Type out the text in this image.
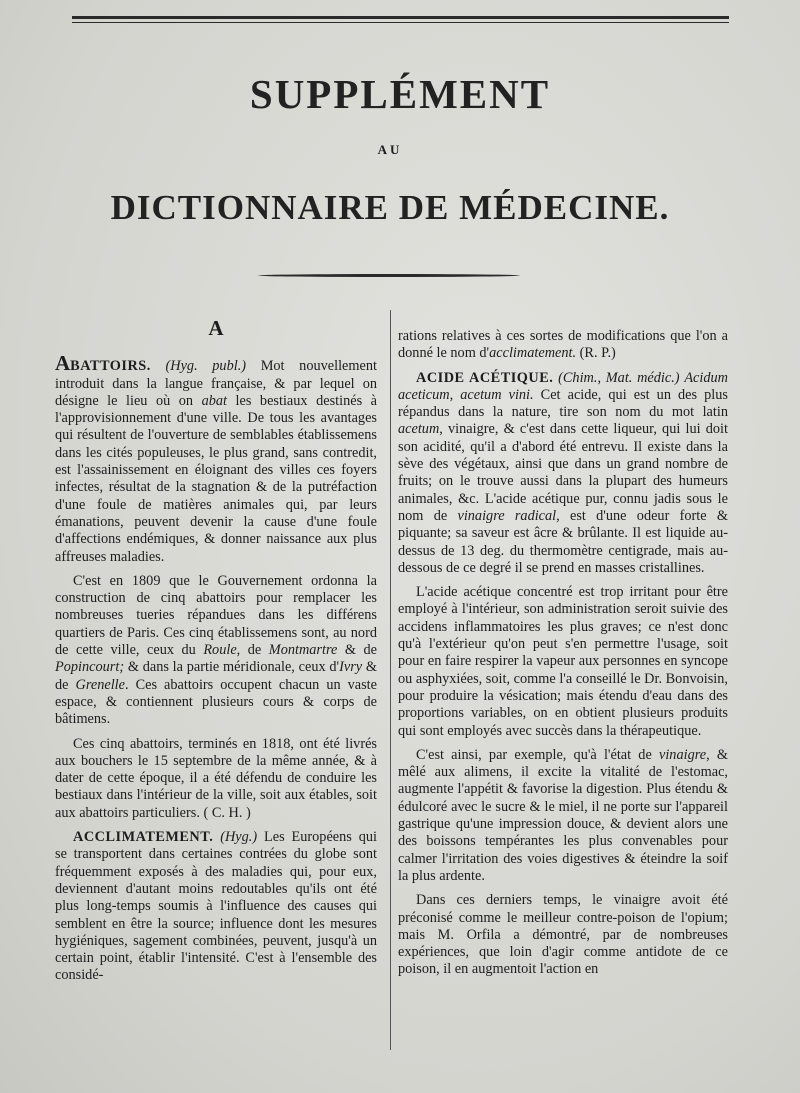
SUPPLÉMENT
AU
DICTIONNAIRE DE MÉDECINE.
A

ABATTOIRS. (Hyg. publ.) Mot nouvellement introduit dans la langue française, & par lequel on désigne le lieu où on abat les bestiaux destinés à l'approvisionnement d'une ville. De tous les avantages qui résultent de l'ouverture de semblables établissemens dans les cités populeuses, le plus grand, sans contredit, est l'assainissement en éloignant des villes ces foyers infectes, résultat de la stagnation & de la putréfaction d'une foule de matières animales qui, par leurs émanations, peuvent devenir la cause d'une foule d'affections endémiques, & donner naissance aux plus affreuses maladies.

C'est en 1809 que le Gouvernement ordonna la construction de cinq abattoirs pour remplacer les nombreuses tueries répandues dans les différens quartiers de Paris. Ces cinq établissemens sont, au nord de cette ville, ceux du Roule, de Montmartre & de Popincourt; & dans la partie méridionale, ceux d'Ivry & de Grenelle. Ces abattoirs occupent chacun un vaste espace, & contiennent plusieurs cours & corps de bâtimens.

Ces cinq abattoirs, terminés en 1818, ont été livrés aux bouchers le 15 septembre de la même année, & à dater de cette époque, il a été défendu de conduire les bestiaux dans l'intérieur de la ville, soit aux étables, soit aux abattoirs particuliers. ( C. H. )

ACCLIMATEMENT. (Hyg.) Les Européens qui se transportent dans certaines contrées du globe sont fréquemment exposés à des maladies qui, pour eux, deviennent d'autant moins redoutables qu'ils ont été plus long-temps soumis à l'influence des causes qui semblent en être la source; influence dont les mesures hygiéniques, sagement combinées, peuvent, jusqu'à un certain point, établir l'intensité. C'est à l'ensemble des considé-

rations relatives à ces sortes de modifications que l'on a donné le nom d'acclimatement. (R. P.)

ACIDE ACÉTIQUE. (Chim., Mat. médic.) Acidum aceticum, acetum vini. Cet acide, qui est un des plus répandus dans la nature, tire son nom du mot latin acetum, vinaigre, & c'est dans cette liqueur, qui lui doit son acidité, qu'il a d'abord été entrevu. Il existe dans la sève des végétaux, ainsi que dans un grand nombre de fruits; on le trouve aussi dans la plupart des humeurs animales, &c. L'acide acétique pur, connu jadis sous le nom de vinaigre radical, est d'une odeur forte & piquante; sa saveur est âcre & brûlante. Il est liquide au-dessus de 13 deg. du thermomètre centigrade, mais au-dessous de ce degré il se prend en masses cristallines.

L'acide acétique concentré est trop irritant pour être employé à l'intérieur, son administration seroit suivie des accidens inflammatoires les plus graves; ce n'est donc qu'à l'extérieur qu'on peut s'en permettre l'usage, soit pour en faire respirer la vapeur aux personnes en syncope ou asphyxiées, soit, comme l'a conseillé le Dr. Bonvoisin, pour produire la vésication; mais étendu d'eau dans des proportions variables, on en obtient plusieurs produits qui sont employés avec succès dans la thérapeutique.

C'est ainsi, par exemple, qu'à l'état de vinaigre, & mêlé aux alimens, il excite la vitalité de l'estomac, augmente l'appétit & favorise la digestion. Plus étendu & édulcoré avec le sucre & le miel, il ne porte sur l'appareil gastrique qu'une impression douce, & devient alors une des boissons tempérantes les plus convenables pour calmer l'irritation des voies digestives & éteindre la soif la plus ardente.

Dans ces derniers temps, le vinaigre avoit été préconisé comme le meilleur contre-poison de l'opium; mais M. Orfila a démontré, par de nombreuses expériences, que loin d'agir comme antidote de ce poison, il en augmentoit l'action en
